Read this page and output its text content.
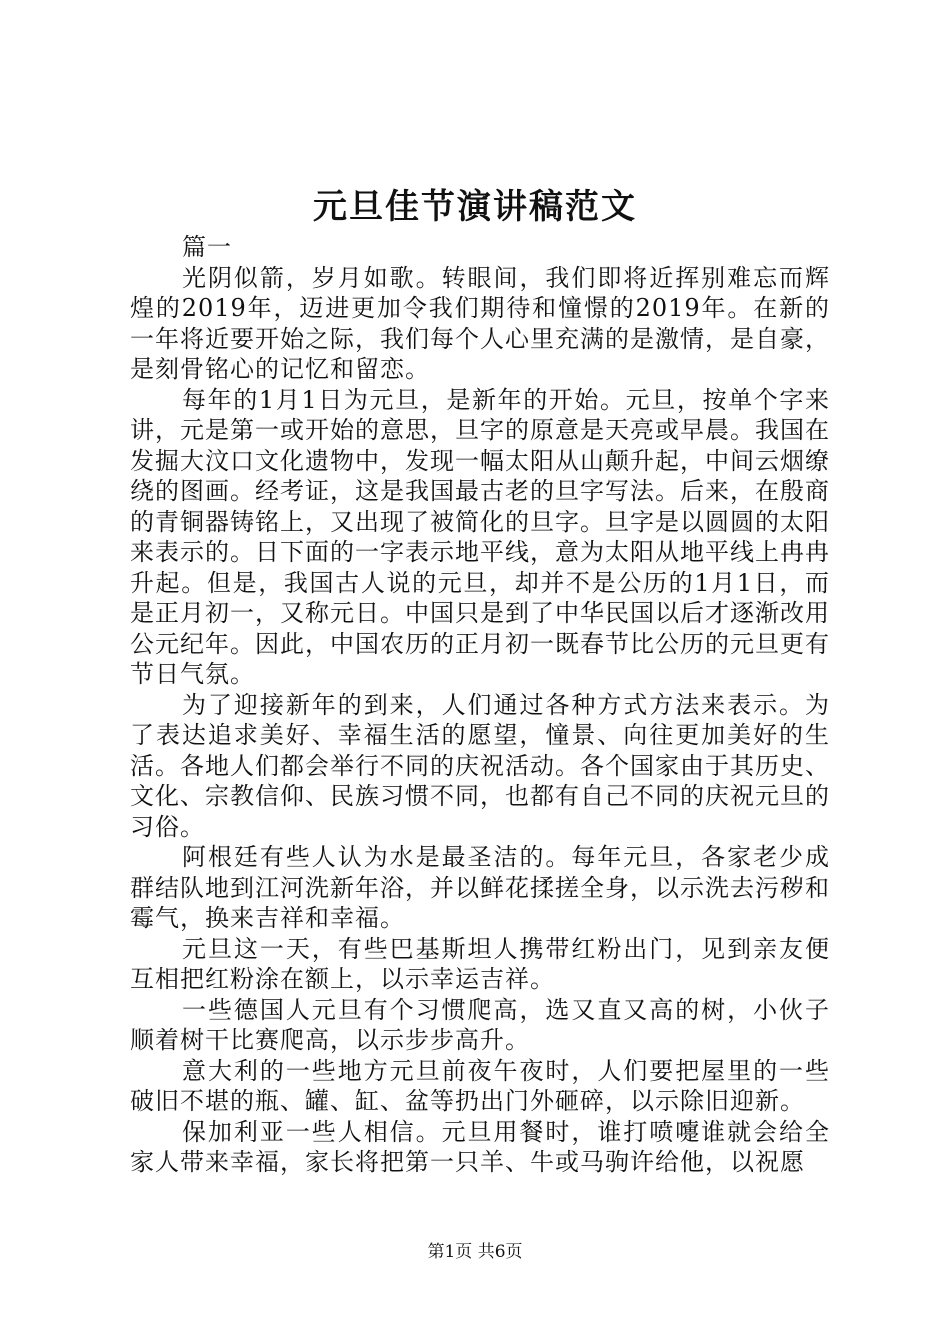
元旦佳节演讲稿范文

篇一

光阴似箭，岁月如歌。转眼间，我们即将近挥别难忘而辉煌的2019年，迈进更加令我们期待和憧憬的2019年。在新的一年将近要开始之际，我们每个人心里充满的是激情，是自豪，是刻骨铭心的记忆和留恋。

每年的1月1日为元旦，是新年的开始。元旦，按单个字来讲，元是第一或开始的意思，旦字的原意是天亮或早晨。我国在发掘大汶口文化遗物中，发现一幅太阳从山颠升起，中间云烟缭绕的图画。经考证，这是我国最古老的旦字写法。后来，在殷商的青铜器铸铭上，又出现了被简化的旦字。旦字是以圆圆的太阳来表示的。日下面的一字表示地平线，意为太阳从地平线上冉冉升起。但是，我国古人说的元旦，却并不是公历的1月1日，而是正月初一，又称元日。中国只是到了中华民国以后才逐渐改用公元纪年。因此，中国农历的正月初一既春节比公历的元旦更有节日气氛。

为了迎接新年的到来，人们通过各种方式方法来表示。为了表达追求美好、幸福生活的愿望，憧景、向往更加美好的生活。各地人们都会举行不同的庆祝活动。各个国家由于其历史、文化、宗教信仰、民族习惯不同，也都有自己不同的庆祝元旦的习俗。

阿根廷有些人认为水是最圣洁的。每年元旦，各家老少成群结队地到江河洗新年浴，并以鲜花揉搓全身，以示洗去污秽和霉气，换来吉祥和幸福。

元旦这一天，有些巴基斯坦人携带红粉出门，见到亲友便互相把红粉涂在额上，以示幸运吉祥。

一些德国人元旦有个习惯爬高，选又直又高的树，小伙子顺着树干比赛爬高，以示步步高升。

意大利的一些地方元旦前夜午夜时，人们要把屋里的一些破旧不堪的瓶、罐、缸、盆等扔出门外砸碎，以示除旧迎新。

保加利亚一些人相信。元旦用餐时，谁打喷嚏谁就会给全家人带来幸福，家长将把第一只羊、牛或马驹许给他，以祝愿

第1页 共6页
